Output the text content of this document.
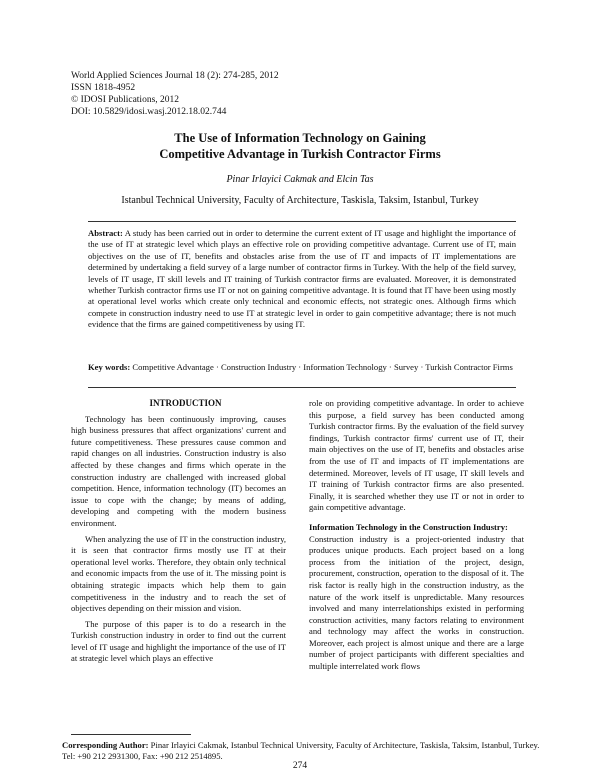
World Applied Sciences Journal 18 (2): 274-285, 2012
ISSN 1818-4952
© IDOSI Publications, 2012
DOI: 10.5829/idosi.wasj.2012.18.02.744
The Use of Information Technology on Gaining
Competitive Advantage in Turkish Contractor Firms
Pinar Irlayici Cakmak and Elcin Tas
Istanbul Technical University, Faculty of Architecture, Taskisla, Taksim, Istanbul, Turkey
Abstract: A study has been carried out in order to determine the current extent of IT usage and highlight the importance of the use of IT at strategic level which plays an effective role on providing competitive advantage. Current use of IT, main objectives on the use of IT, benefits and obstacles arise from the use of IT and impacts of IT implementations are determined by undertaking a field survey of a large number of contractor firms in Turkey. With the help of the field survey, levels of IT usage, IT skill levels and IT training of Turkish contractor firms are evaluated. Moreover, it is demonstrated whether Turkish contractor firms use IT or not on gaining competitive advantage. It is found that IT have been using mostly at operational level works which create only technical and economic effects, not strategic ones. Although firms which compete in construction industry need to use IT at strategic level in order to gain competitive advantage; there is not much evidence that the firms are gained competitiveness by using IT.
Key words: Competitive Advantage · Construction Industry · Information Technology · Survey · Turkish Contractor Firms

INTRODUCTION

Technology has been continuously improving, causes high business pressures that affect organizations' current and future competitiveness. These pressures cause common and rapid changes on all industries. Construction industry is also affected by these changes and firms which operate in the construction industry are challenged with increased global competition. Hence, information technology (IT) becomes an issue to cope with the change; by means of adding, developing and competing with the modern business environment.

When analyzing the use of IT in the construction industry, it is seen that contractor firms mostly use IT at their operational level works. Therefore, they obtain only technical and economic impacts from the use of it. The missing point is obtaining strategic impacts which help them to gain competitiveness in the industry and to reach the set of objectives depending on their mission and vision.

The purpose of this paper is to do a research in the Turkish construction industry in order to find out the current level of IT usage and highlight the importance of the use of IT at strategic level which plays an effective

role on providing competitive advantage. In order to achieve this purpose, a field survey has been conducted among Turkish contractor firms. By the evaluation of the field survey findings, Turkish contractor firms' current use of IT, their main objectives on the use of IT, benefits and obstacles arise from the use of IT and impacts of IT implementations are determined. Moreover, levels of IT usage, IT skill levels and IT training of Turkish contractor firms are also presented. Finally, it is searched whether they use IT or not in order to gain competitive advantage.

Information Technology in the Construction Industry:

Construction industry is a project-oriented industry that produces unique products. Each project based on a long process from the initiation of the project, design, procurement, construction, operation to the disposal of it. The risk factor is really high in the construction industry, as the nature of the work itself is unpredictable. Many resources involved and many interrelationships existed in performing construction activities, many factors relating to environment and technology may affect the works in construction. Moreover, each project is almost unique and there are a large number of project participants with different specialties and multiple interrelated work flows

Corresponding Author: Pinar Irlayici Cakmak, Istanbul Technical University, Faculty of Architecture, Taskisla, Taksim, Istanbul, Turkey. Tel: +90 212 2931300, Fax: +90 212 2514895.
274
